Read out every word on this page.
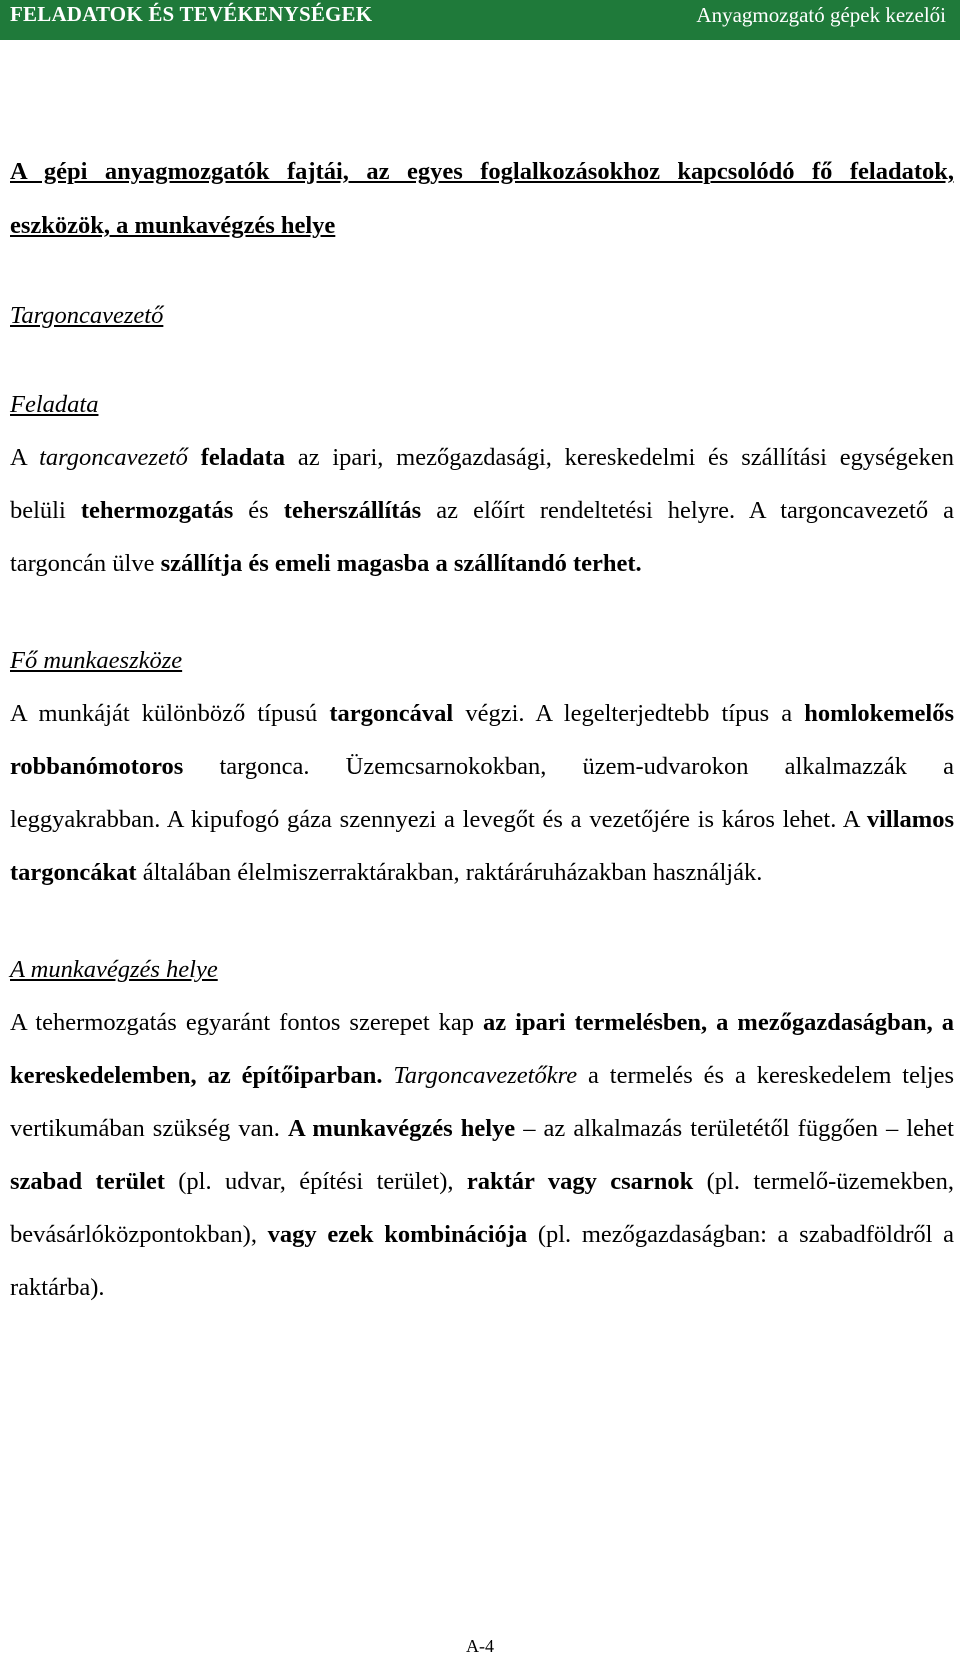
FELADATOK ÉS TEVÉKENYSÉGEK	Anyagmozgató gépek kezelői

A gépi anyagmozgatók fajtái, az egyes foglalkozásokhoz kapcsolódó fő feladatok, eszközök, a munkavégzés helye

Targoncavezető

Feladata

A targoncavezető feladata az ipari, mezőgazdasági, kereskedelmi és szállítási egységeken belüli tehermozgatás és teherszállítás az előírt rendeltetési helyre. A targoncavezető a targoncán ülve szállítja és emeli magasba a szállítandó terhet.

Fő munkaeszköze

A munkáját különböző típusú targoncával végzi. A legelterjedtebb típus a homlokemelős robbanómotoros targonca. Üzemcsarnokokban, üzem-udvarokon alkalmazzák a leggyakrabban. A kipufogó gáza szennyezi a levegőt és a vezetőjére is káros lehet. A villamos targoncákat általában élelmiszerraktárakban, raktáráruházakban használják.

A munkavégzés helye

A tehermozgatás egyaránt fontos szerepet kap az ipari termelésben, a mezőgazdaságban, a kereskedelemben, az építőiparban. Targoncavezetőkre a termelés és a kereskedelem teljes vertikumában szükség van. A munkavégzés helye – az alkalmazás területétől függően – lehet szabad terület (pl. udvar, építési terület), raktár vagy csarnok (pl. termelő-üzemekben, bevásárlóközpontokban), vagy ezek kombinációja (pl. mezőgazdaságban: a szabadföldről a raktárba).

A-4
